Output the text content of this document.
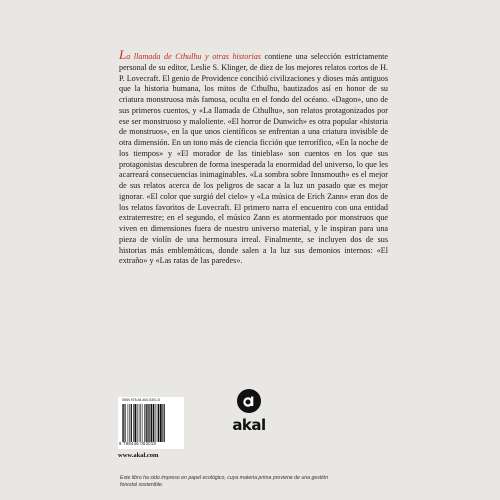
La llamada de Cthulhu y otras historias contiene una selección estrictamente personal de su editor, Leslie S. Klinger, de diez de los mejores relatos cortos de H. P. Lovecraft. El genio de Providence concibió civilizaciones y dioses más antiguos que la historia humana, los mitos de Cthulhu, bautizados así en honor de su criatura monstruosa más famosa, oculta en el fondo del océano. «Dagon», uno de sus primeros cuentos, y «La llamada de Cthulhu», son relatos protagonizados por ese ser monstruoso y maloliente. «El horror de Dunwich» es otra popular «historia de monstruos», en la que unos científicos se enfrentan a una criatura invisible de otra dimensión. En un tono más de ciencia ficción que terrorífico, «En la noche de los tiempos» y «El morador de las tinieblas» son cuentos en los que sus protagonistas descubren de forma inesperada la enormidad del universo, lo que les acarreará consecuencias inimaginables. «La sombra sobre Innsmouth» es el mejor de sus relatos acerca de los peligros de sacar a la luz un pasado que es mejor ignorar. «El color que surgió del cielo» y «La música de Erich Zann» eran dos de los relatos favoritos de Lovecraft. El primero narra el encuentro con una entidad extraterrestre; en el segundo, el músico Zann es atormentado por monstruos que viven en dimensiones fuera de nuestro universo material, y le inspiran para una pieza de violín de una hermosura irreal. Finalmente, se incluyen dos de sus historias más emblemáticas, donde salen a la luz sus demonios internos: «El extraño» y «Las ratas de las paredes».

akal
ISBN 978-84-460-5301-8
9 788446 053018
www.akal.com

Este libro ha sido impreso en papel ecológico, cuya materia prima proviene de una gestión forestal sostenible.
